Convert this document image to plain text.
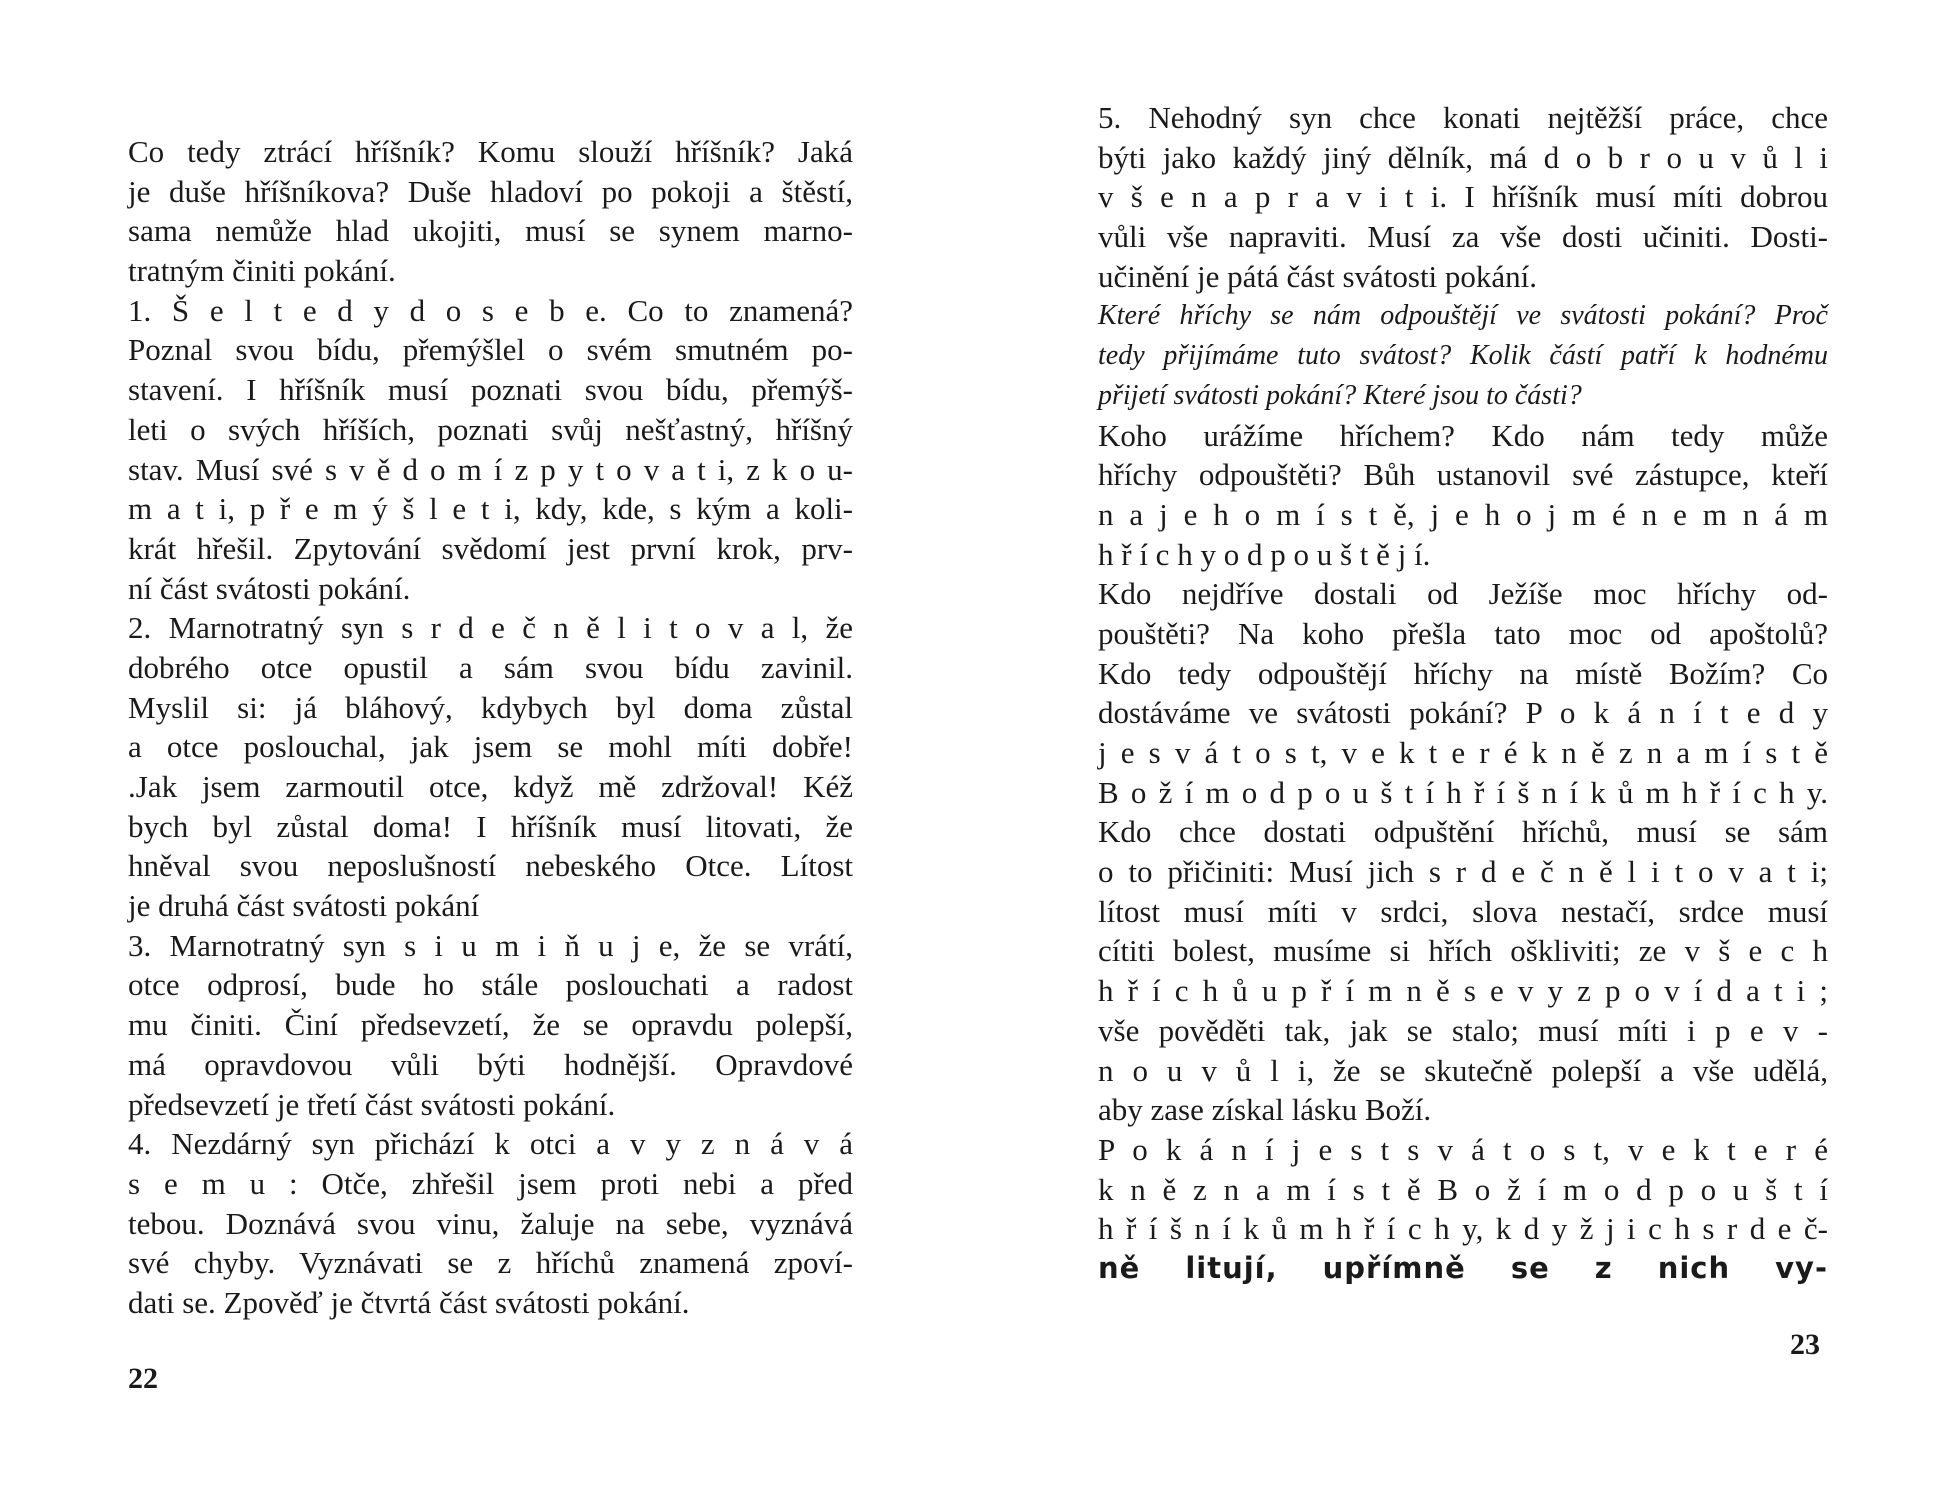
Co tedy ztrácí hříšník? Komu slouží hříšník? Jaká
je duše hříšníkova? Duše hladoví po pokoji a štěstí,
sama nemůže hlad ukojiti, musí se synem marno-
tratným činiti pokání.
1. Š e l t e d y d o s e b e. Co to znamená?
Poznal svou bídu, přemýšlel o svém smutném po-
stavení. I hříšník musí poznati svou bídu, přemýš-
leti o svých hříších, poznati svůj nešťastný, hříšný
stav. Musí své s v ě d o m í z p y t o v a t i, z k o u-
m a t i, p ř e m ý š l e t i, kdy, kde, s kým a koli-
krát hřešil. Zpytování svědomí jest první krok, prv-
ní část svátosti pokání.
2. Marnotratný syn s r d e č n ě l i t o v a l, že
dobrého otce opustil a sám svou bídu zavinil.
Myslil si: já bláhový, kdybych byl doma zůstal
a otce poslouchal, jak jsem se mohl míti dobře!
.Jak jsem zarmoutil otce, když mě zdržoval! Kéž
bych byl zůstal doma! I hříšník musí litovati, že
hněval svou neposlušností nebeského Otce. Lítost
je druhá část svátosti pokání
3. Marnotratný syn s i u m i ň u j e, že se vrátí,
otce odprosí, bude ho stále poslouchati a radost
mu činiti. Činí předsevzetí, že se opravdu polepší,
má opravdovou vůli býti hodnější. Opravdové
předsevzetí je třetí část svátosti pokání.
4. Nezdárný syn přichází k otci a v y z n á v á
s e m u : Otče, zhřešil jsem proti nebi a před
tebou. Doznává svou vinu, žaluje na sebe, vyznává
své chyby. Vyznávati se z hříchů znamená zpoví-
dati se. Zpověď je čtvrtá část svátosti pokání.
22
5. Nehodný syn chce konati nejtěžší práce, chce
býti jako každý jiný dělník, má d o b r o u v ů l i
v š e n a p r a v i t i. I hříšník musí míti dobrou
vůli vše napraviti. Musí za vše dosti učiniti. Dosti-
učinění je pátá část svátosti pokání.
Které hříchy se nám odpouštějí ve svátosti pokání? Proč
tedy přijímáme tuto svátost? Kolik částí patří k hodnému
přijetí svátosti pokání? Které jsou to části?
Koho urážíme hříchem? Kdo nám tedy může
hříchy odpouštěti? Bůh ustanovil své zástupce, kteří
n a j e h o m í s t ě, j e h o j m é n e m n á m
h ř í c h y o d p o u š t ě j í.
Kdo nejdříve dostali od Ježíše moc hříchy od-
pouštěti? Na koho přešla tato moc od apoštolů?
Kdo tedy odpouštějí hříchy na místě Božím? Co
dostáváme ve svátosti pokání? P o k á n í t e d y
j e s v á t o s t, v e k t e r é k n ě z n a m í s t ě
B o ž í m o d p o u š t í h ř í š n í k ů m h ř í c h y.
Kdo chce dostati odpuštění hříchů, musí se sám
o to přičiniti: Musí jich s r d e č n ě l i t o v a t i;
lítost musí míti v srdci, slova nestačí, srdce musí
cítiti bolest, musíme si hřích oškliviti; ze v š e c h
h ř í c h ů u p ř í m n ě s e v y z p o v í d a t i ;
vše pověděti tak, jak se stalo; musí míti i p e v -
n o u v ů l i, že se skutečně polepší a vše udělá,
aby zase získal lásku Boží.
P o k á n í j e s t s v á t o s t, v e k t e r é
k n ě z n a m í s t ě B o ž í m o d p o u š t í
h ř í š n í k ů m h ř í c h y, k d y ž j i c h s r d e č-
ně litují, upřímně se z nich vy-
23
